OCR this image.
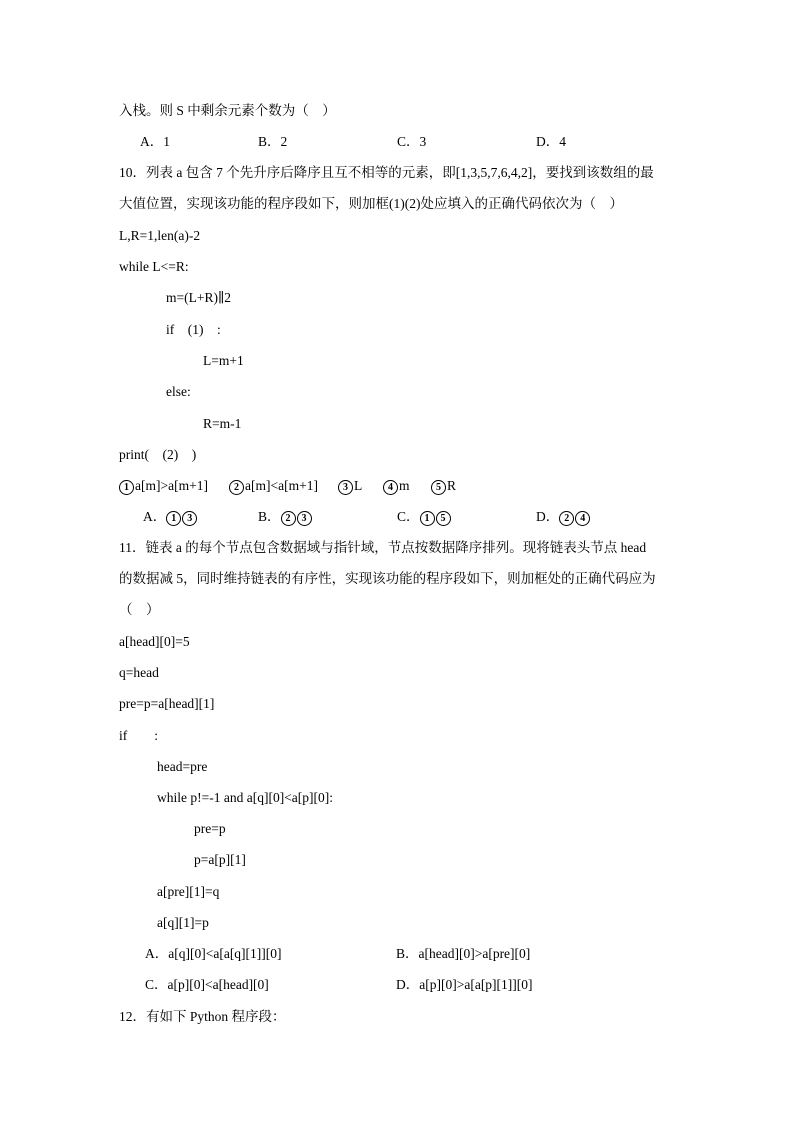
入栈。则 S 中剩余元素个数为（    ）
A．1	B．2	C．3	D．4
10．列表 a 包含 7 个先升序后降序且互不相等的元素，即[1,3,5,7,6,4,2]，要找到该数组的最
大值位置，实现该功能的程序段如下，则加框(1)(2)处应填入的正确代码依次为（    ）
L,R=1,len(a)-2
while L<=R:
m=(L+R)∥2
if    (1)    :
L=m+1
else:
R=m-1
print(    (2)    )
1 a[m]>a[m+1]	2 a[m]<a[m+1]	3 L	4 m	5 R
A． 1 3	B． 2 3	C． 1 5	D． 2 4
11．链表 a 的每个节点包含数据域与指针域，节点按数据降序排列。现将链表头节点 head
的数据减 5，同时维持链表的有序性，实现该功能的程序段如下，则加框处的正确代码应为
（    ）
a[head][0]=5
q=head
pre=p=a[head][1]
if        :
head=pre
while p!=-1 and a[q][0]<a[p][0]:
pre=p
p=a[p][1]
a[pre][1]=q
a[q][1]=p
A．a[q][0]<a[a[q][1]][0]	B．a[head][0]>a[pre][0]
C．a[p][0]<a[head][0]	D．a[p][0]>a[a[p][1]][0]
12．有如下 Python 程序段：
